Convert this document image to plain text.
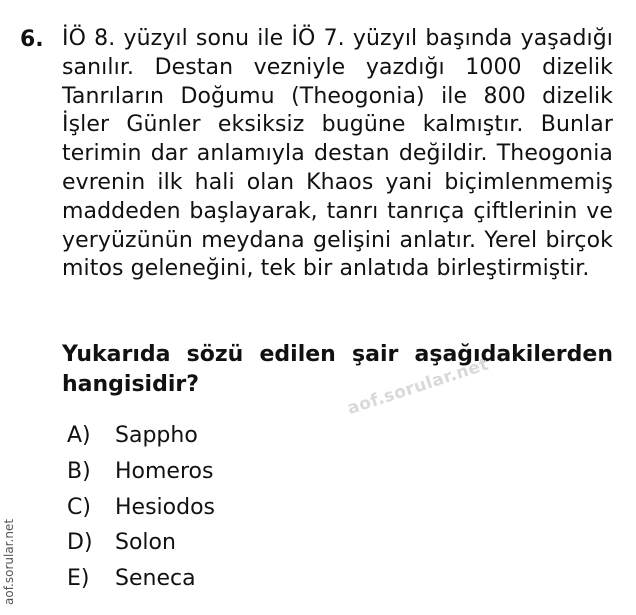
6. İÖ 8. yüzyıl sonu ile İÖ 7. yüzyıl başında yaşadığı sanılır. Destan vezniyle yazdığı 1000 dizelik Tanrıların Doğumu (Theogonia) ile 800 dizelik İşler Günler eksiksiz bugüne kalmıştır. Bunlar terimin dar anlamıyla destan değildir. Theogonia evrenin ilk hali olan Khaos yani biçimlenmemiş maddeden başlayarak, tanrı tanrıça çiftlerinin ve yeryüzünün meydana gelişini anlatır. Yerel birçok mitos geleneğini, tek bir anlatıda birleştirmiştir.
Yukarıda sözü edilen şair aşağıdakilerden hangisidir?
A)	Sappho
B)	Homeros
C)	Hesiodos
D)	Solon
E)	Seneca
aof.sorular.net
aof.sorular.net
